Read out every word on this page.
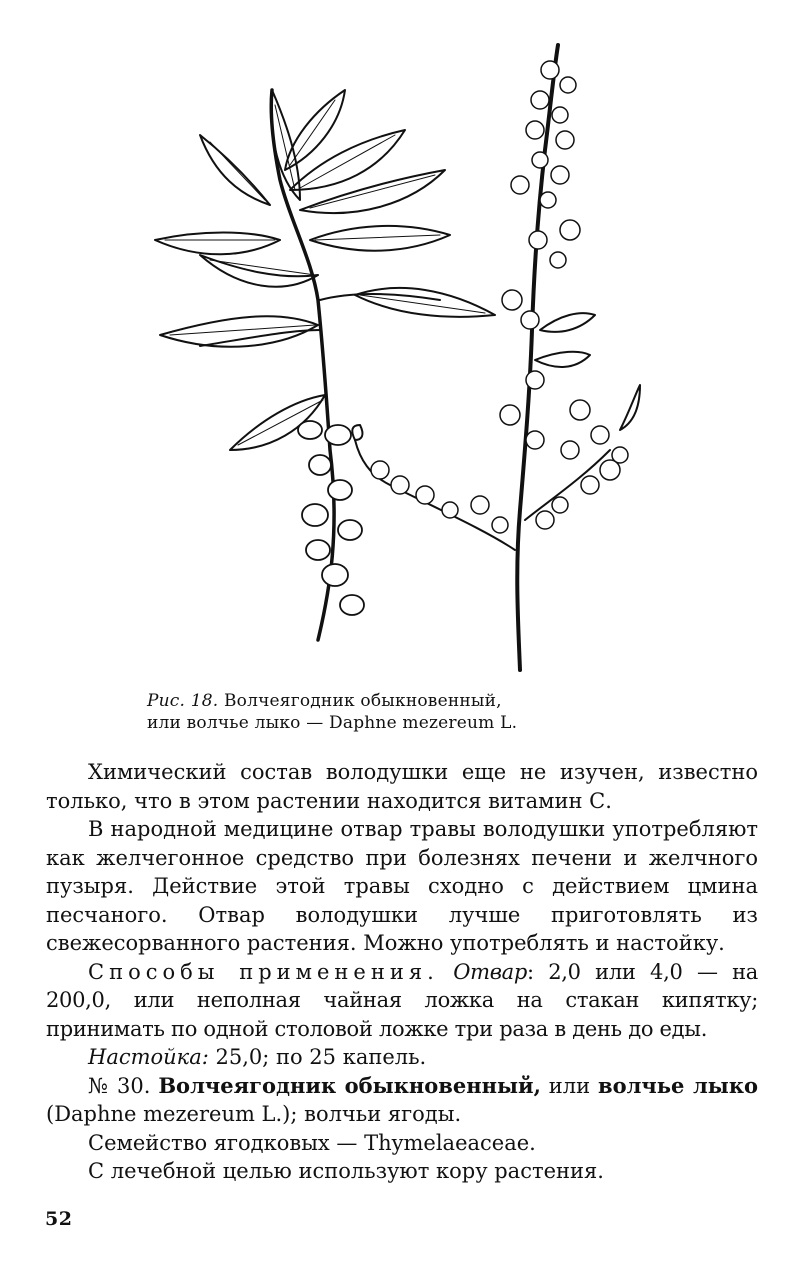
Рис. 18. Волчеягодник обыкновенный,
или волчье лыко — Daphne mezereum L.

Химический состав володушки еще не изучен, известно только, что в этом растении находится витамин С.

В народной медицине отвар травы володушки употребляют как желчегонное средство при болезнях печени и желчного пузыря. Действие этой травы сходно с действием цмина песчаного. Отвар володушки лучше приготовлять из свежесорванного растения. Можно употреблять и настойку.

Способы применения. Отвар: 2,0 или 4,0 — на 200,0, или неполная чайная ложка на стакан кипятку; принимать по одной столовой ложке три раза в день до еды.

Настойка: 25,0; по 25 капель.

№ 30. Волчеягодник обыкновенный, или волчье лыко (Daphne mezereum L.); волчьи ягоды.

Семейство ягодковых — Thymelaeaceae.

С лечебной целью используют кору растения.

52
